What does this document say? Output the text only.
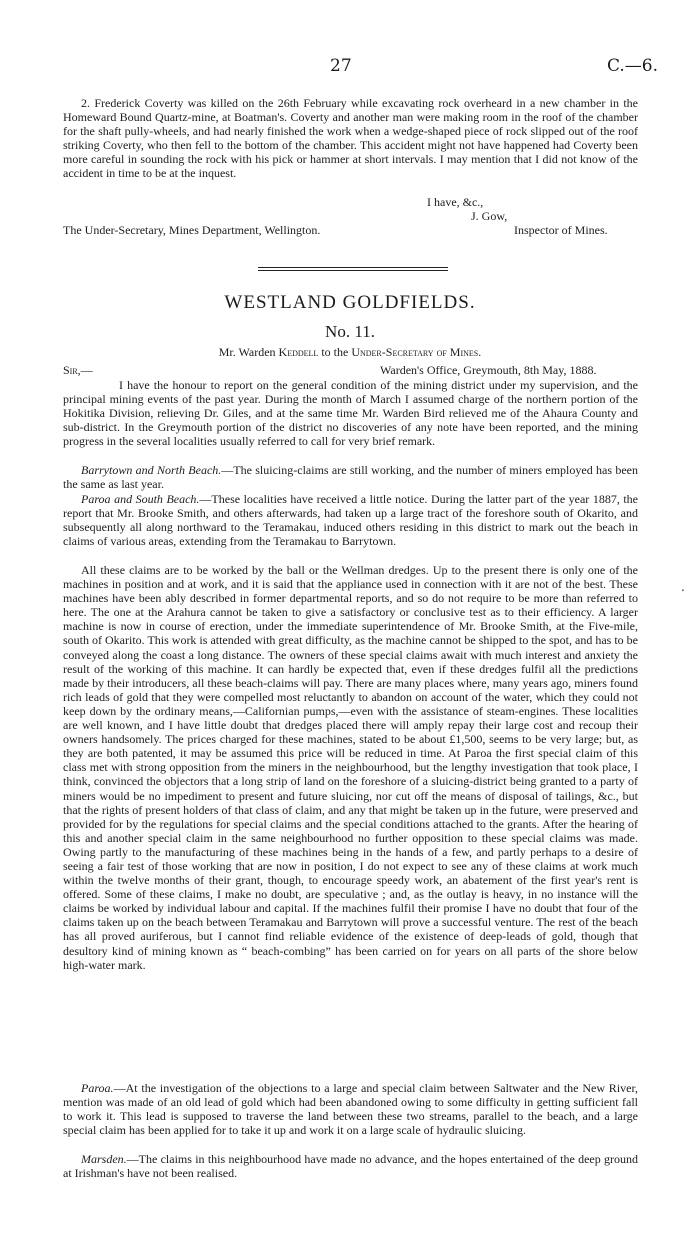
27	C.—6.

2. Frederick Coverty was killed on the 26th February while excavating rock overheard in a new chamber in the Homeward Bound Quartz-mine, at Boatman's. Coverty and another man were making room in the roof of the chamber for the shaft pully-wheels, and had nearly finished the work when a wedge-shaped piece of rock slipped out of the roof striking Coverty, who then fell to the bottom of the chamber. This accident might not have happened had Coverty been more careful in sounding the rock with his pick or hammer at short intervals. I may mention that I did not know of the accident in time to be at the inquest.

I have, &c.,
J. Gow,
The Under-Secretary, Mines Department, Wellington.	Inspector of Mines.
WESTLAND GOLDFIELDS.
No. 11.
Mr. Warden Keddell to the Under-Secretary of Mines.
Sir,—	Warden's Office, Greymouth, 8th May, 1888.

I have the honour to report on the general condition of the mining district under my supervision, and the principal mining events of the past year. During the month of March I assumed charge of the northern portion of the Hokitika Division, relieving Dr. Giles, and at the same time Mr. Warden Bird relieved me of the Ahaura County and sub-district. In the Greymouth portion of the district no discoveries of any note have been reported, and the mining progress in the several localities usually referred to call for very brief remark.

Barrytown and North Beach.—The sluicing-claims are still working, and the number of miners employed has been the same as last year.

Paroa and South Beach.—These localities have received a little notice. During the latter part of the year 1887, the report that Mr. Brooke Smith, and others afterwards, had taken up a large tract of the foreshore south of Okarito, and subsequently all along northward to the Teramakau, induced others residing in this district to mark out the beach in claims of various areas, extending from the Teramakau to Barrytown.

All these claims are to be worked by the ball or the Wellman dredges. Up to the present there is only one of the machines in position and at work, and it is said that the appliance used in connection with it are not of the best. These machines have been ably described in former departmental reports, and so do not require to be more than referred to here. The one at the Arahura cannot be taken to give a satisfactory or conclusive test as to their efficiency. A larger machine is now in course of erection, under the immediate superintendence of Mr. Brooke Smith, at the Five-mile, south of Okarito. This work is attended with great difficulty, as the machine cannot be shipped to the spot, and has to be conveyed along the coast a long distance. The owners of these special claims await with much interest and anxiety the result of the working of this machine. It can hardly be expected that, even if these dredges fulfil all the predictions made by their introducers, all these beach-claims will pay. There are many places where, many years ago, miners found rich leads of gold that they were compelled most reluctantly to abandon on account of the water, which they could not keep down by the ordinary means,—Californian pumps,—even with the assistance of steam-engines. These localities are well known, and I have little doubt that dredges placed there will amply repay their large cost and recoup their owners handsomely. The prices charged for these machines, stated to be about £1,500, seems to be very large; but, as they are both patented, it may be assumed this price will be reduced in time. At Paroa the first special claim of this class met with strong opposition from the miners in the neighbourhood, but the lengthy investigation that took place, I think, convinced the objectors that a long strip of land on the foreshore of a sluicing-district being granted to a party of miners would be no impediment to present and future sluicing, nor cut off the means of disposal of tailings, &c., but that the rights of present holders of that class of claim, and any that might be taken up in the future, were preserved and provided for by the regulations for special claims and the special conditions attached to the grants. After the hearing of this and another special claim in the same neighbourhood no further opposition to these special claims was made. Owing partly to the manufacturing of these machines being in the hands of a few, and partly perhaps to a desire of seeing a fair test of those working that are now in position, I do not expect to see any of these claims at work much within the twelve months of their grant, though, to encourage speedy work, an abatement of the first year's rent is offered. Some of these claims, I make no doubt, are speculative ; and, as the outlay is heavy, in no instance will the claims be worked by individual labour and capital. If the machines fulfil their promise I have no doubt that four of the claims taken up on the beach between Teramakau and Barrytown will prove a successful venture. The rest of the beach has all proved auriferous, but I cannot find reliable evidence of the existence of deep-leads of gold, though that desultory kind of mining known as “ beach-combing” has been carried on for years on all parts of the shore below high-water mark.

Paroa.—At the investigation of the objections to a large and special claim between Saltwater and the New River, mention was made of an old lead of gold which had been abandoned owing to some difficulty in getting sufficient fall to work it. This lead is supposed to traverse the land between these two streams, parallel to the beach, and a large special claim has been applied for to take it up and work it on a large scale of hydraulic sluicing.

Marsden.—The claims in this neighbourhood have made no advance, and the hopes entertained of the deep ground at Irishman's have not been realised.

.
